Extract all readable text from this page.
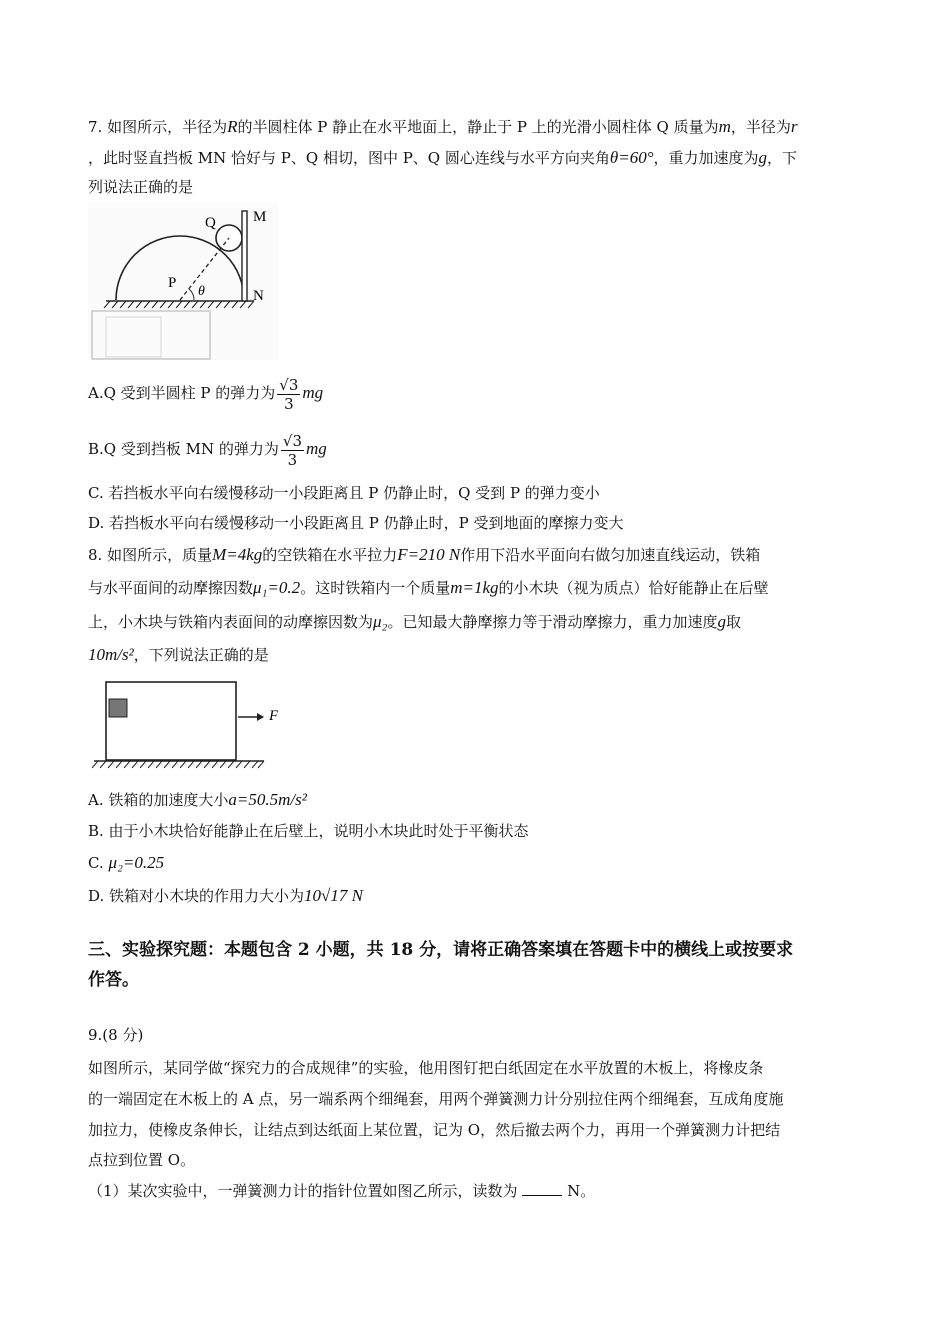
7. 如图所示，半径为R的半圆柱体 P 静止在水平地面上，静止于 P 上的光滑小圆柱体 Q 质量为m，半径为r
，此时竖直挡板 MN 恰好与 P、Q 相切，图中 P、Q 圆心连线与水平方向夹角θ=60°，重力加速度为g，下
列说法正确的是
Q M
P
θ	N
A.Q 受到半圆柱 P 的弹力为 $\frac{√3}{3}$ mg
B.Q 受到挡板 MN 的弹力为 $\frac{√3}{3}$ mg
C. 若挡板水平向右缓慢移动一小段距离且 P 仍静止时，Q 受到 P 的弹力变小
D. 若挡板水平向右缓慢移动一小段距离且 P 仍静止时，P 受到地面的摩擦力变大
8. 如图所示，质量M=4kg的空铁箱在水平拉力F=210 N作用下沿水平面向右做匀加速直线运动，铁箱
与水平面间的动摩擦因数μ₁=0.2。这时铁箱内一个质量m=1kg的小木块（视为质点）恰好能静止在后壁
上，小木块与铁箱内表面间的动摩擦因数为μ₂。已知最大静摩擦力等于滑动摩擦力，重力加速度g取
10m/s²，下列说法正确的是
F
A. 铁箱的加速度大小a=50.5m/s²
B. 由于小木块恰好能静止在后壁上，说明小木块此时处于平衡状态
C. μ₂=0.25
D. 铁箱对小木块的作用力大小为10√17 N
三、实验探究题：本题包含 2 小题，共 18 分，请将正确答案填在答题卡中的横线上或按要求
作答。
9.(8 分)
如图所示，某同学做“探究力的合成规律”的实验，他用图钉把白纸固定在水平放置的木板上，将橡皮条
的一端固定在木板上的 A 点，另一端系两个细绳套，用两个弹簧测力计分别拉住两个细绳套，互成角度施
加拉力，使橡皮条伸长，让结点到达纸面上某位置，记为 O，然后撤去两个力，再用一个弹簧测力计把结
点拉到位置 O。
（1）某次实验中，一弹簧测力计的指针位置如图乙所示，读数为	N。
